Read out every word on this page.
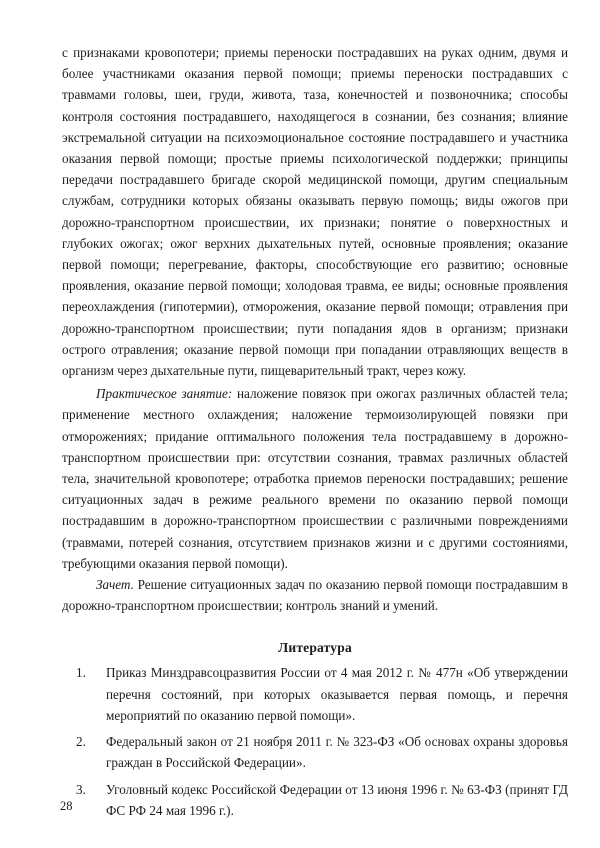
с признаками кровопотери; приемы переноски пострадавших на руках одним, двумя и более участниками оказания первой помощи; приемы переноски пострадавших с травмами головы, шеи, груди, живота, таза, конечностей и позвоночника; способы контроля состояния пострадавшего, находящегося в сознании, без сознания; влияние экстремальной ситуации на психоэмоциональное состояние пострадавшего и участника оказания первой помощи; простые приемы психологической поддержки; принципы передачи пострадавшего бригаде скорой медицинской помощи, другим специальным службам, сотрудники которых обязаны оказывать первую помощь; виды ожогов при дорожно-транспортном происшествии, их признаки; понятие о поверхностных и глубоких ожогах; ожог верхних дыхательных путей, основные проявления; оказание первой помощи; перегревание, факторы, способствующие его развитию; основные проявления, оказание первой помощи; холодовая травма, ее виды; основные проявления переохлаждения (гипотермии), отморожения, оказание первой помощи; отравления при дорожно-транспортном происшествии; пути попадания ядов в организм; признаки острого отравления; оказание первой помощи при попадании отравляющих веществ в организм через дыхательные пути, пищеварительный тракт, через кожу.

Практическое занятие: наложение повязок при ожогах различных областей тела; применение местного охлаждения; наложение термоизолирующей повязки при отморожениях; придание оптимального положения тела пострадавшему в дорожно-транспортном происшествии при: отсутствии сознания, травмах различных областей тела, значительной кровопотере; отработка приемов переноски пострадавших; решение ситуационных задач в режиме реального времени по оказанию первой помощи пострадавшим в дорожно-транспортном происшествии с различными повреждениями (травмами, потерей сознания, отсутствием признаков жизни и с другими состояниями, требующими оказания первой помощи).

Зачет. Решение ситуационных задач по оказанию первой помощи пострадавшим в дорожно-транспортном происшествии; контроль знаний и умений.

Литература
1.	Приказ Минздравсоцразвития России от 4 мая 2012 г. № 477н «Об утверждении перечня состояний, при которых оказывается первая помощь, и перечня мероприятий по оказанию первой помощи».
2.	Федеральный закон от 21 ноября 2011 г. № 323-ФЗ «Об основах охраны здоровья граждан в Российской Федерации».
3.	Уголовный кодекс Российской Федерации от 13 июня 1996 г. № 63-ФЗ (принят ГД ФС РФ 24 мая 1996 г.).
28
